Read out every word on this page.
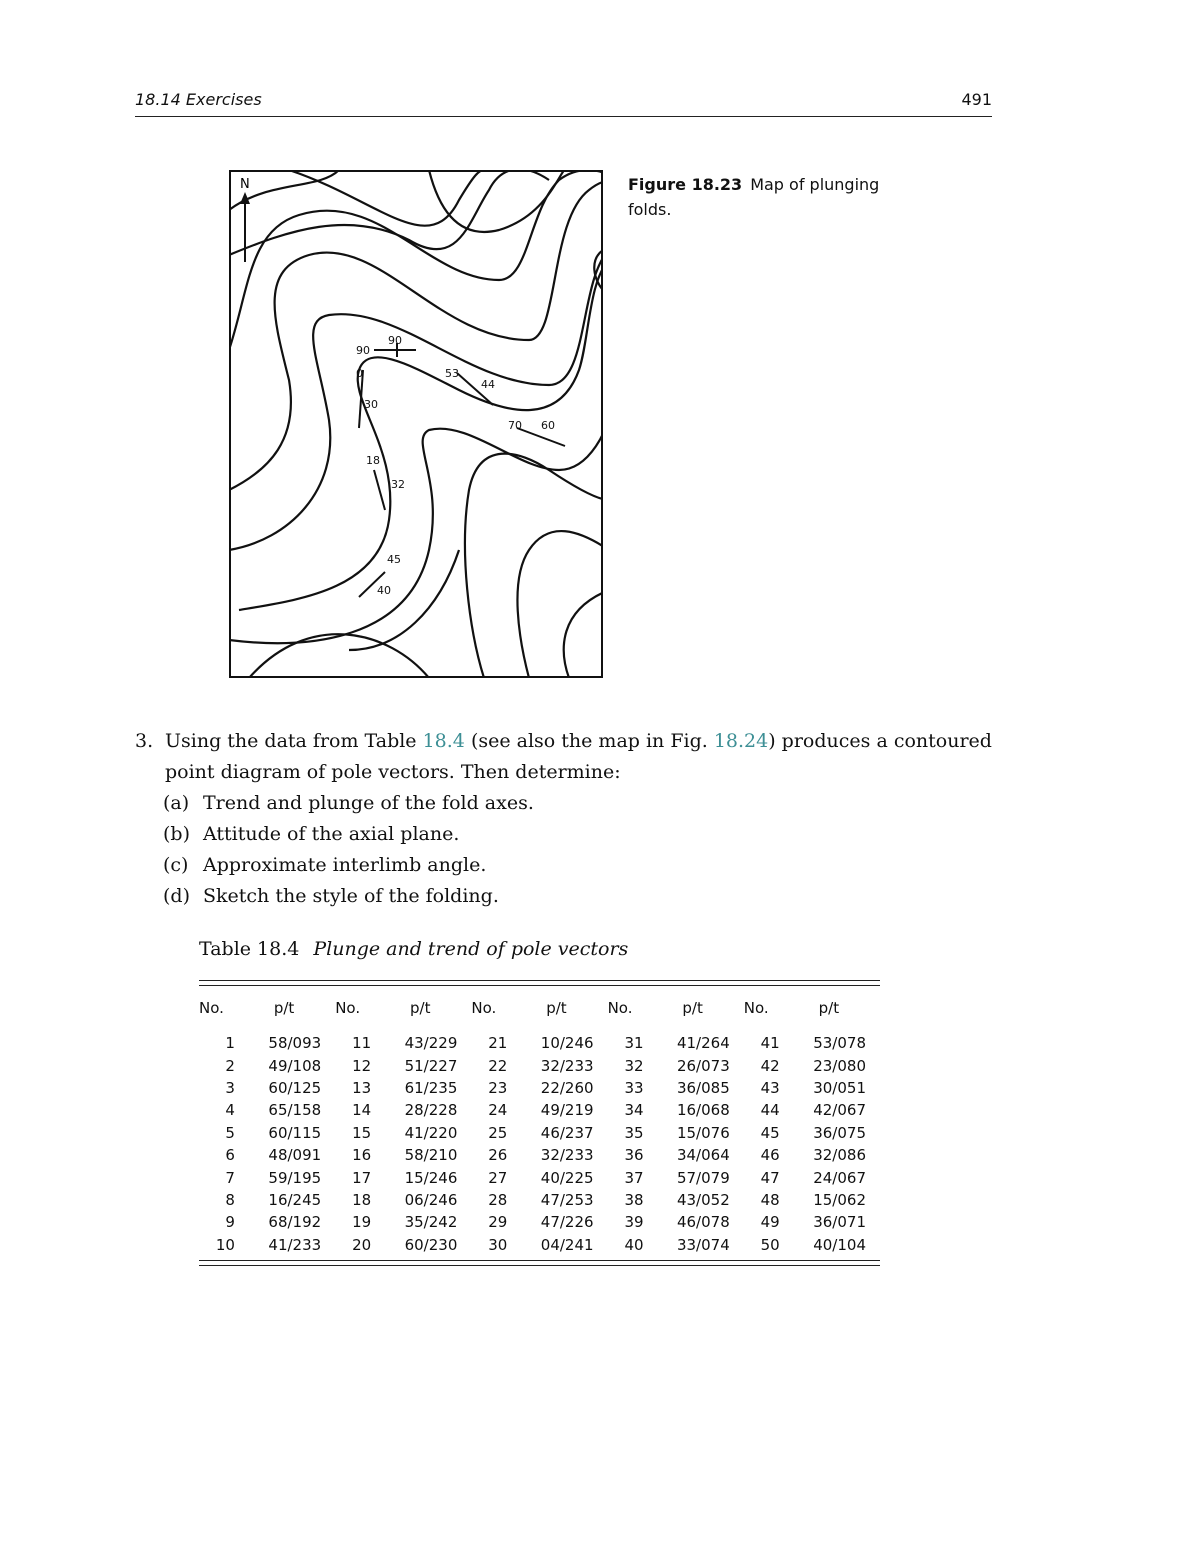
18.14 Exercises	491
N
90
90
0
30
53
44
70 60
18
32
45
40
Figure 18.23 Map of plunging folds.
3. Using the data from Table 18.4 (see also the map in Fig. 18.24) produces a contoured point diagram of pole vectors. Then determine:
(a) Trend and plunge of the fold axes.
(b) Attitude of the axial plane.
(c) Approximate interlimb angle.
(d) Sketch the style of the folding.
Table 18.4 Plunge and trend of pole vectors
No.	p/t	No.	p/t	No.	p/t	No.	p/t	No.	p/t

1	58/093	11	43/229	21	10/246	31	41/264	41	53/078
2	49/108	12	51/227	22	32/233	32	26/073	42	23/080
3	60/125	13	61/235	23	22/260	33	36/085	43	30/051
4	65/158	14	28/228	24	49/219	34	16/068	44	42/067
5	60/115	15	41/220	25	46/237	35	15/076	45	36/075
6	48/091	16	58/210	26	32/233	36	34/064	46	32/086
7	59/195	17	15/246	27	40/225	37	57/079	47	24/067
8	16/245	18	06/246	28	47/253	38	43/052	48	15/062
9	68/192	19	35/242	29	47/226	39	46/078	49	36/071
10	41/233	20	60/230	30	04/241	40	33/074	50	40/104
